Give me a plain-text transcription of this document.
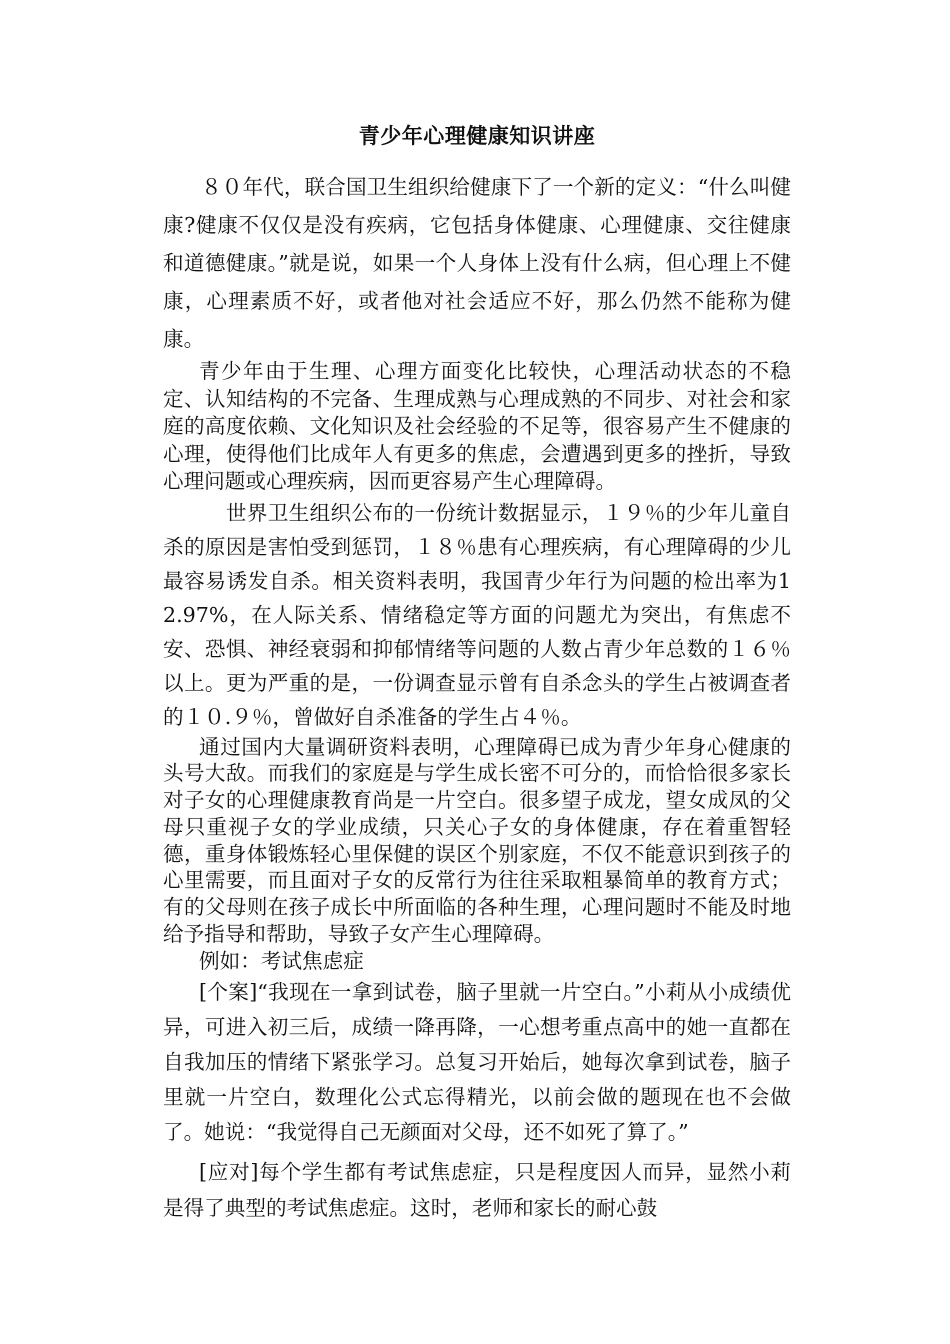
青少年心理健康知识讲座

８０年代，联合国卫生组织给健康下了一个新的定义：“什么叫健康?健康不仅仅是没有疾病，它包括身体健康、心理健康、交往健康和道德健康。”就是说，如果一个人身体上没有什么病，但心理上不健康，心理素质不好，或者他对社会适应不好，那么仍然不能称为健康。

青少年由于生理、心理方面变化比较快，心理活动状态的不稳定、认知结构的不完备、生理成熟与心理成熟的不同步、对社会和家庭的高度依赖、文化知识及社会经验的不足等，很容易产生不健康的心理，使得他们比成年人有更多的焦虑，会遭遇到更多的挫折，导致心理问题或心理疾病，因而更容易产生心理障碍。

世界卫生组织公布的一份统计数据显示，１９％的少年儿童自杀的原因是害怕受到惩罚，１８％患有心理疾病，有心理障碍的少儿最容易诱发自杀。相关资料表明，我国青少年行为问题的检出率为12.97%，在人际关系、情绪稳定等方面的问题尤为突出，有焦虑不安、恐惧、神经衰弱和抑郁情绪等问题的人数占青少年总数的１６％以上。更为严重的是，一份调查显示曾有自杀念头的学生占被调查者的１０.９％，曾做好自杀准备的学生占４％。

通过国内大量调研资料表明，心理障碍已成为青少年身心健康的头号大敌。而我们的家庭是与学生成长密不可分的，而恰恰很多家长对子女的心理健康教育尚是一片空白。很多望子成龙，望女成凤的父母只重视子女的学业成绩，只关心子女的身体健康，存在着重智轻德，重身体锻炼轻心里保健的误区个别家庭，不仅不能意识到孩子的心里需要，而且面对子女的反常行为往往采取粗暴简单的教育方式；有的父母则在孩子成长中所面临的各种生理，心理问题时不能及时地给予指导和帮助，导致子女产生心理障碍。

例如：考试焦虑症

[个案]“我现在一拿到试卷，脑子里就一片空白。”小莉从小成绩优异，可进入初三后，成绩一降再降，一心想考重点高中的她一直都在自我加压的情绪下紧张学习。总复习开始后，她每次拿到试卷，脑子里就一片空白，数理化公式忘得精光，以前会做的题现在也不会做了。她说：“我觉得自己无颜面对父母，还不如死了算了。”

[应对]每个学生都有考试焦虑症，只是程度因人而异，显然小莉是得了典型的考试焦虑症。这时，老师和家长的耐心鼓
